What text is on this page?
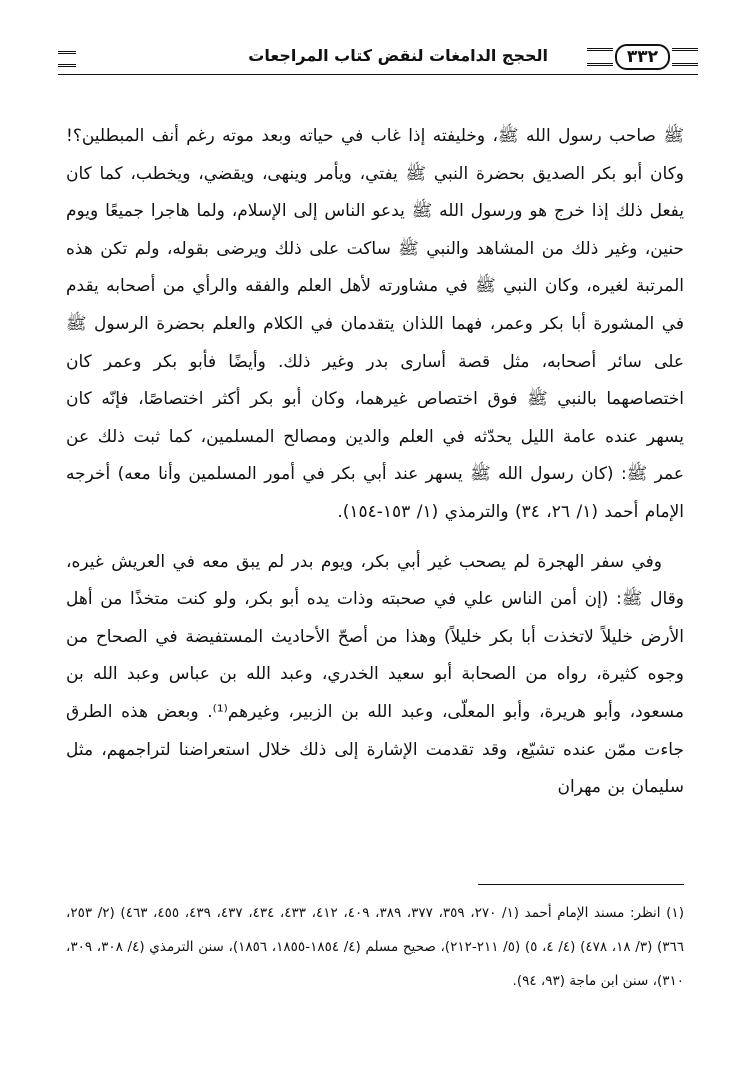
٣٣٢
الحجج الدامغات لنقض كتاب المراجعات

ﷺ صاحب رسول الله ﷺ، وخليفته إذا غاب في حياته وبعد موته رغم أنف المبطلين؟! وكان أبو بكر الصديق بحضرة النبي ﷺ يفتي، ويأمر وينهى، ويقضي، ويخطب، كما كان يفعل ذلك إذا خرج هو ورسول الله ﷺ يدعو الناس إلى الإسلام، ولما هاجرا جميعًا ويوم حنين، وغير ذلك من المشاهد والنبي ﷺ ساكت على ذلك ويرضى بقوله، ولم تكن هذه المرتبة لغيره، وكان النبي ﷺ في مشاورته لأهل العلم والفقه والرأي من أصحابه يقدم في المشورة أبا بكر وعمر، فهما اللذان يتقدمان في الكلام والعلم بحضرة الرسول ﷺ على سائر أصحابه، مثل قصة أسارى بدر وغير ذلك. وأيضًا فأبو بكر وعمر كان اختصاصهما بالنبي ﷺ فوق اختصاص غيرهما، وكان أبو بكر أكثر اختصاصًا، فإنّه كان يسهر عنده عامة الليل يحدّثه في العلم والدين ومصالح المسلمين، كما ثبت ذلك عن عمر ﷺ: (كان رسول الله ﷺ يسهر عند أبي بكر في أمور المسلمين وأنا معه) أخرجه الإمام أحمد (١/ ٢٦، ٣٤) والترمذي (١/ ١٥٣-١٥٤).

وفي سفر الهجرة لم يصحب غير أبي بكر، ويوم بدر لم يبق معه في العريش غيره، وقال ﷺ: (إن أمن الناس علي في صحبته وذات يده أبو بكر، ولو كنت متخذًا من أهل الأرض خليلاً لاتخذت أبا بكر خليلاً) وهذا من أصحّ الأحاديث المستفيضة في الصحاح من وجوه كثيرة، رواه من الصحابة أبو سعيد الخدري، وعبد الله بن عباس وعبد الله بن مسعود، وأبو هريرة، وأبو المعلّى، وعبد الله بن الزبير، وغيرهم⁽¹⁾. وبعض هذه الطرق جاءت ممّن عنده تشيّع، وقد تقدمت الإشارة إلى ذلك خلال استعراضنا لتراجمهم، مثل سليمان بن مهران

(١) انظر: مسند الإمام أحمد (١/ ٢٧٠، ٣٥٩، ٣٧٧، ٣٨٩، ٤٠٩، ٤١٢، ٤٣٣، ٤٣٤، ٤٣٧، ٤٣٩، ٤٥٥، ٤٦٣) (٢/ ٢٥٣، ٣٦٦) (٣/ ١٨، ٤٧٨) (٤/ ٤، ٥) (٥/ ٢١١-٢١٢)، صحيح مسلم (٤/ ١٨٥٤-١٨٥٥، ١٨٥٦)، سنن الترمذي (٤/ ٣٠٨، ٣٠٩، ٣١٠)، سنن ابن ماجة (٩٣، ٩٤).
